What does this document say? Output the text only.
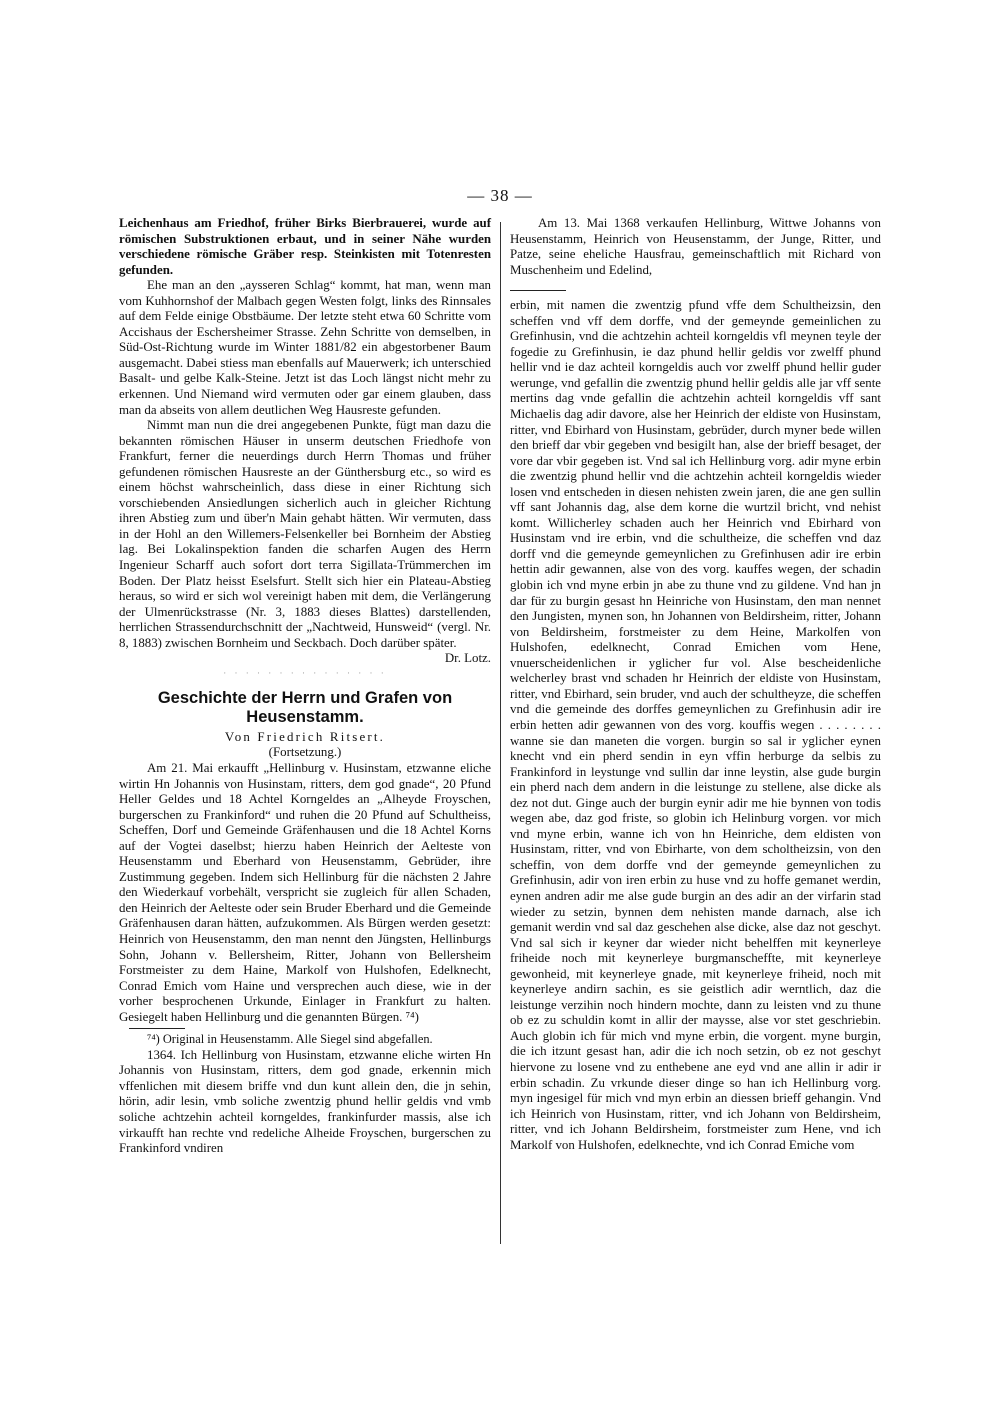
— 38 —

Leichenhaus am Friedhof, früher Birks Bierbrauerei, wurde auf römischen Substruktionen erbaut, und in seiner Nähe wurden verschiedene römische Gräber resp. Steinkisten mit Totenresten gefunden.

Ehe man an den „aysseren Schlag“ kommt, hat man, wenn man vom Kuhhornshof der Malbach gegen Westen folgt, links des Rinnsales auf dem Felde einige Obstbäume. Der letzte steht etwa 60 Schritte vom Accishaus der Eschersheimer Strasse. Zehn Schritte von demselben, in Süd-Ost-Richtung wurde im Winter 1881/82 ein abgestorbener Baum ausgemacht. Dabei stiess man ebenfalls auf Mauerwerk; ich unterschied Basalt- und gelbe Kalk-Steine. Jetzt ist das Loch längst nicht mehr zu erkennen. Und Niemand wird vermuten oder gar einem glauben, dass man da abseits von allem deutlichen Weg Hausreste gefunden.

Nimmt man nun die drei angegebenen Punkte, fügt man dazu die bekannten römischen Häuser in unserm deutschen Friedhofe von Frankfurt, ferner die neuerdings durch Herrn Thomas und früher gefundenen römischen Hausreste an der Günthersburg etc., so wird es einem höchst wahrscheinlich, dass diese in einer Richtung sich vorschiebenden Ansiedlungen sicherlich auch in gleicher Richtung ihren Abstieg zum und über'n Main gehabt hätten. Wir vermuten, dass in der Hohl an den Willemers-Felsenkeller bei Bornheim der Abstieg lag. Bei Lokalinspektion fanden die scharfen Augen des Herrn Ingenieur Scharff auch sofort dort terra Sigillata-Trümmerchen im Boden. Der Platz heisst Eselsfurt. Stellt sich hier ein Plateau-Abstieg heraus, so wird er sich wol vereinigt haben mit dem, die Verlängerung der Ulmenrückstrasse (Nr. 3, 1883 dieses Blattes) darstellenden, herrlichen Strassendurchschnitt der „Nachtweid, Hunsweid“ (vergl. Nr. 8, 1883) zwischen Bornheim und Seckbach. Doch darüber später.

Dr. Lotz.

· · · · · · · · · · · · · · ·
Geschichte der Herrn und Grafen von Heusenstamm.

Von Friedrich Ritsert.

(Fortsetzung.)

Am 21. Mai erkaufft „Hellinburg v. Husinstam, etzwanne eliche wirtin Hn Johannis von Husinstam, ritters, dem god gnade“, 20 Pfund Heller Geldes und 18 Achtel Korngeldes an „Alheyde Froyschen, burgerschen zu Frankinford“ und ruhen die 20 Pfund auf Schultheiss, Scheffen, Dorf und Gemeinde Gräfenhausen und die 18 Achtel Korns auf der Vogtei daselbst; hierzu haben Heinrich der Aelteste von Heusenstamm und Eberhard von Heusenstamm, Gebrüder, ihre Zustimmung gegeben. Indem sich Hellinburg für die nächsten 2 Jahre den Wiederkauf vorbehält, verspricht sie zugleich für allen Schaden, den Heinrich der Aelteste oder sein Bruder Eberhard und die Gemeinde Gräfenhausen daran hätten, aufzukommen. Als Bürgen werden gesetzt: Heinrich von Heusenstamm, den man nennt den Jüngsten, Hellinburgs Sohn, Johann v. Bellersheim, Ritter, Johann von Bellersheim Forstmeister zu dem Haine, Markolf von Hulshofen, Edelknecht, Conrad Emich vom Haine und versprechen auch diese, wie in der vorher besprochenen Urkunde, Einlager in Frankfurt zu halten. Gesiegelt haben Hellinburg und die genannten Bürgen. ⁷⁴)

⁷⁴) Original in Heusenstamm. Alle Siegel sind abgefallen.

1364. Ich Hellinburg von Husinstam, etzwanne eliche wirten Hn Johannis von Husinstam, ritters, dem god gnade, erkennin mich vffenlichen mit diesem briffe vnd dun kunt allein den, die jn sehin, hörin, adir lesin, vmb soliche zwentzig phund hellir geldis vnd vmb soliche achtzehin achteil korngeldes, frankinfurder massis, alse ich virkaufft han rechte vnd redeliche Alheide Froyschen, burgerschen zu Frankinford vndiren

Am 13. Mai 1368 verkaufen Hellinburg, Wittwe Johanns von Heusenstamm, Heinrich von Heusenstamm, der Junge, Ritter, und Patze, seine eheliche Hausfrau, gemeinschaftlich mit Richard von Muschenheim und Edelind,

erbin, mit namen die zwentzig pfund vffe dem Schultheizsin, den scheffen vnd vff dem dorffe, vnd der gemeynde gemeinlichen zu Grefinhusin, vnd die achtzehin achteil korngeldis vfl meynen teyle der fogedie zu Grefinhusin, ie daz phund hellir geldis vor zwelff phund hellir vnd ie daz achteil korngeldis auch vor zwelff phund hellir guder werunge, vnd gefallin die zwentzig phund hellir geldis alle jar vff sente mertins dag vnde gefallin die achtzehin achteil korngeldis vff sant Michaelis dag adir davore, alse her Heinrich der eldiste von Husinstam, ritter, vnd Ebirhard von Husinstam, gebrüder, durch myner bede willen den brieff dar vbir gegeben vnd besigilt han, alse der brieff besaget, der vore dar vbir gegeben ist. Vnd sal ich Hellinburg vorg. adir myne erbin die zwentzig phund hellir vnd die achtzehin achteil korngeldis wieder losen vnd entscheden in diesen nehisten zwein jaren, die ane gen sullin vff sant Johannis dag, alse dem korne die wurtzil bricht, vnd nehist komt. Willicherley schaden auch her Heinrich vnd Ebirhard von Husinstam vnd ire erbin, vnd die schultheize, die scheffen vnd daz dorff vnd die gemeynde gemeynlichen zu Grefinhusen adir ire erbin hettin adir gewannen, alse von des vorg. kauffes wegen, der schadin globin ich vnd myne erbin jn abe zu thune vnd zu gildene. Vnd han jn dar für zu burgin gesast hn Heinriche von Husinstam, den man nennet den Jungisten, mynen son, hn Johannen von Beldirsheim, ritter, Johann von Beldirsheim, forstmeister zu dem Heine, Markolfen von Hulshofen, edelknecht, Conrad Emichen vom Hene, vnuerscheidenlichen ir yglicher fur vol. Alse bescheidenliche welcherley brast vnd schaden hr Heinrich der eldiste von Husinstam, ritter, vnd Ebirhard, sein bruder, vnd auch der schultheyze, die scheffen vnd die gemeinde des dorffes gemeynlichen zu Grefinhusin adir ire erbin hetten adir gewannen von des vorg. kouffis wegen . . . . . . . . wanne sie dan maneten die vorgen. burgin so sal ir yglicher eynen knecht vnd ein pherd sendin in eyn vffin herburge da selbis zu Frankinford in leystunge vnd sullin dar inne leystin, alse gude burgin ein pherd nach dem andern in die leistunge zu stellene, alse dicke als dez not dut. Ginge auch der burgin eynir adir me hie bynnen von todis wegen abe, daz god friste, so globin ich Helinburg vorgen. vor mich vnd myne erbin, wanne ich von hn Heinriche, dem eldisten von Husinstam, ritter, vnd von Ebirharte, von dem scholtheizsin, von den scheffin, von dem dorffe vnd der gemeynde gemeynlichen zu Grefinhusin, adir von iren erbin zu huse vnd zu hoffe gemanet werdin, eynen andren adir me alse gude burgin an des adir an der virfarin stad wieder zu setzin, bynnen dem nehisten mande darnach, alse ich gemanit werdin vnd sal daz geschehen alse dicke, alse daz not geschyt. Vnd sal sich ir keyner dar wieder nicht behelffen mit keynerleye friheide noch mit keynerleye burgmanscheffte, mit keynerleye gewonheid, mit keynerleye gnade, mit keynerleye friheid, noch mit keynerleye andirn sachin, es sie geistlich adir werntlich, daz die leistunge verzihin noch hindern mochte, dann zu leisten vnd zu thune ob ez zu schuldin komt in allir der maysse, alse vor stet geschriebin. Auch globin ich für mich vnd myne erbin, die vorgent. myne burgin, die ich itzunt gesast han, adir die ich noch setzin, ob ez not geschyt hiervone zu losene vnd zu enthebene ane eyd vnd ane allin ir adir ir erbin schadin. Zu vrkunde dieser dinge so han ich Hellinburg vorg. myn ingesigel für mich vnd myn erbin an diessen brieff gehangin. Vnd ich Heinrich von Husinstam, ritter, vnd ich Johann von Beldirsheim, ritter, vnd ich Johann Beldirsheim, forstmeister zum Hene, vnd ich Markolf von Hulshofen, edelknechte, vnd ich Conrad Emiche vom
